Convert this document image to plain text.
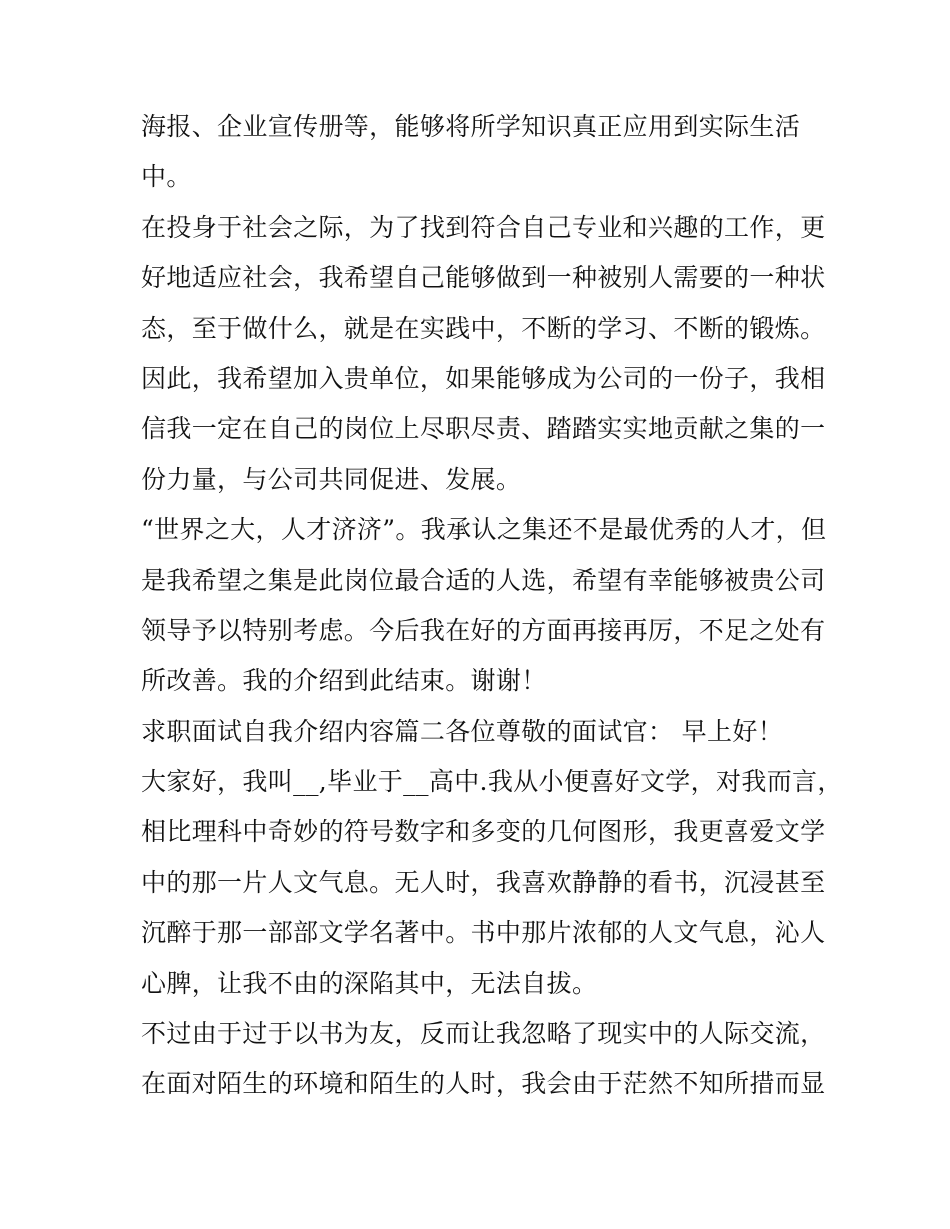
海报、企业宣传册等，能够将所学知识真正应用到实际生活
中。
在投身于社会之际，为了找到符合自己专业和兴趣的工作，更
好地适应社会，我希望自己能够做到一种被别人需要的一种状
态，至于做什么，就是在实践中，不断的学习、不断的锻炼。
因此，我希望加入贵单位，如果能够成为公司的一份子，我相
信我一定在自己的岗位上尽职尽责、踏踏实实地贡献之集的一
份力量，与公司共同促进、发展。
“世界之大，人才济济”。我承认之集还不是最优秀的人才，但
是我希望之集是此岗位最合适的人选，希望有幸能够被贵公司
领导予以特别考虑。今后我在好的方面再接再厉，不足之处有
所改善。我的介绍到此结束。谢谢！
求职面试自我介绍内容篇二各位尊敬的面试官： 早上好！
大家好，我叫__,毕业于__高中.我从小便喜好文学，对我而言，
相比理科中奇妙的符号数字和多变的几何图形，我更喜爱文学
中的那一片人文气息。无人时，我喜欢静静的看书，沉浸甚至
沉醉于那一部部文学名著中。书中那片浓郁的人文气息，沁人
心脾，让我不由的深陷其中，无法自拔。
不过由于过于以书为友，反而让我忽略了现实中的人际交流，
在面对陌生的环境和陌生的人时，我会由于茫然不知所措而显
